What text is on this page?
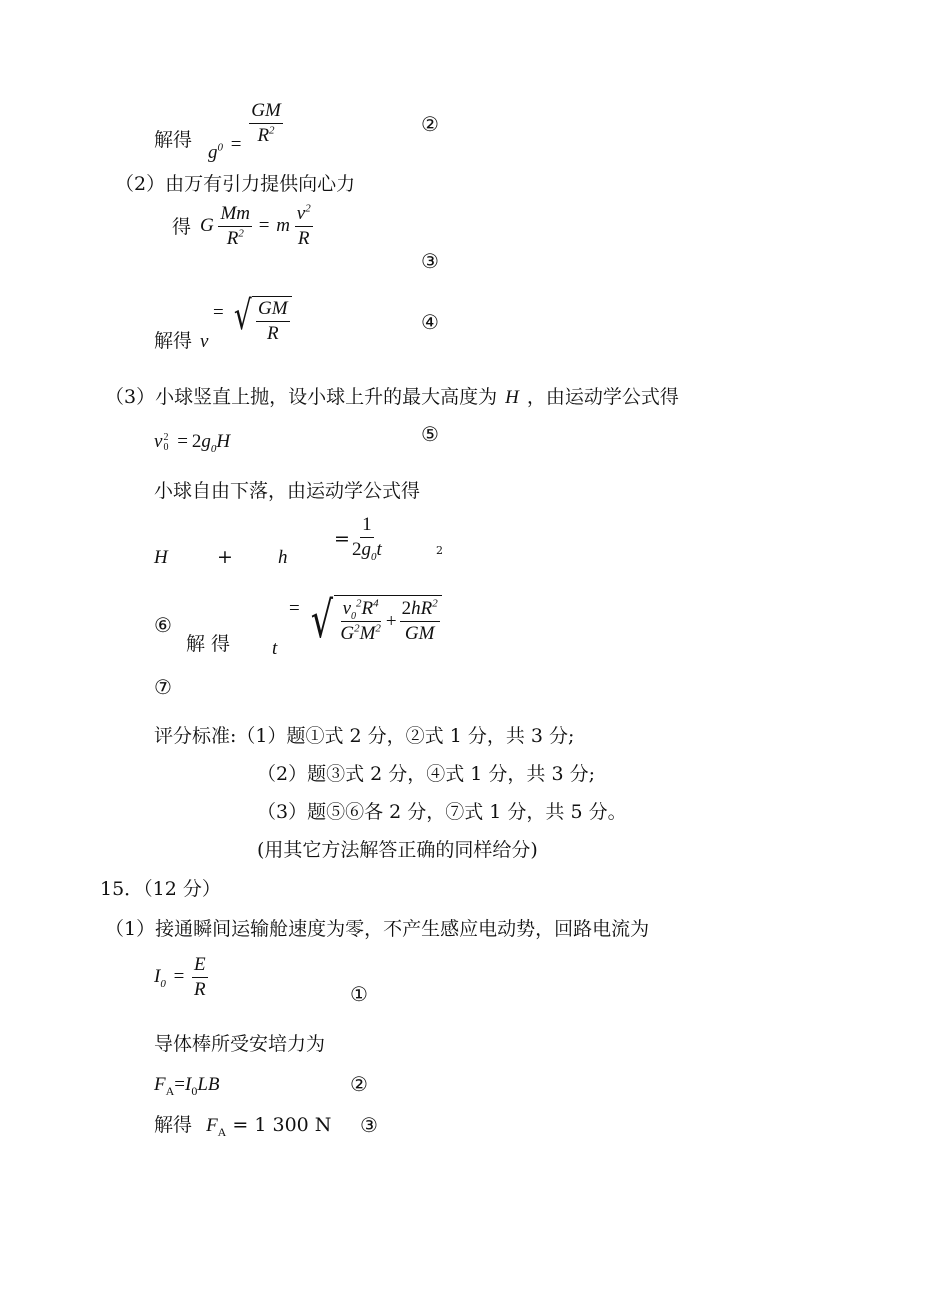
解得
$g^0 = \frac{GM}{R^2}$	②
（2）由万有引力提供向心力
得 G $\frac{Mm}{R^2} = m \frac{v^2}{R}$
③
解得 v
= √ $\frac{GM}{R}$	④
（3）小球竖直上抛，设小球上升的最大高度为 H ，由运动学公式得
v 2
$0 = 2g_0H$	⑤
小球自由下落，由运动学公式得
H	+ h
= $\frac{1}{2g_0t}$	2
⑥
解 得 t
= √ $\frac{v_0^2R^4}{G^2M^2} + \frac{2hR^2}{GM}$
⑦
评分标准:（1）题①式 2 分，②式 1 分，共 3 分;
（2）题③式 2 分，④式 1 分，共 3 分;
（3）题⑤⑥各 2 分，⑦式 1 分，共 5 分。
(用其它方法解答正确的同样给分)
15．（12 分）
（1）接通瞬间运输舱速度为零，不产生感应电动势，回路电流为
$I_0 = \frac{E}{R}$	①
导体棒所受安培力为
$F_A=I_0LB$	②
解得 $F_A = 1$ 300 N ③
